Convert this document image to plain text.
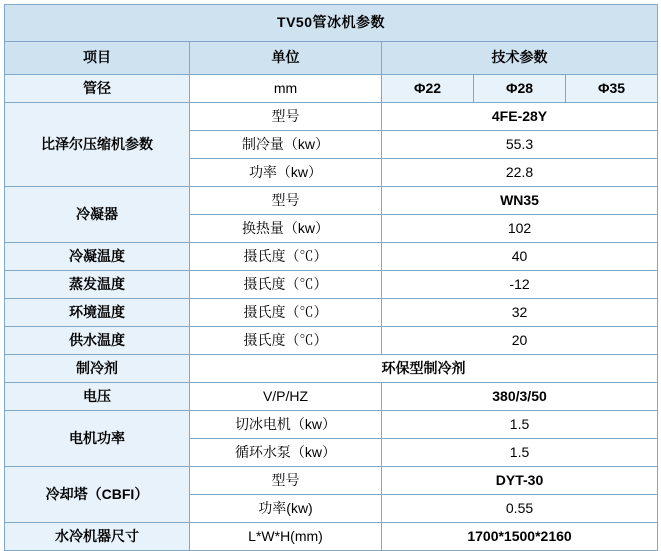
TV50管冰机参数				
项目	单位	技术参数		
管径	mm	Φ22	Φ28	Φ35
比泽尔压缩机参数	型号	4FE-28Y		
	制冷量（kw）	55.3		
	功率（kw）	22.8		
冷凝器	型号	WN35		
	换热量（kw）	102		
冷凝温度	摄氏度（℃）	40		
蒸发温度	摄氏度（℃）	-12		
环境温度	摄氏度（℃）	32		
供水温度	摄氏度（℃）	20		
制冷剂	环保型制冷剂			
电压	V/P/HZ	380/3/50		
电机功率	切冰电机（kw）	1.5		
	循环水泵（kw）	1.5		
冷却塔（CBFI）	型号	DYT-30		
	功率(kw)	0.55		
水冷机器尺寸	L*W*H(mm)	1700*1500*2160		
